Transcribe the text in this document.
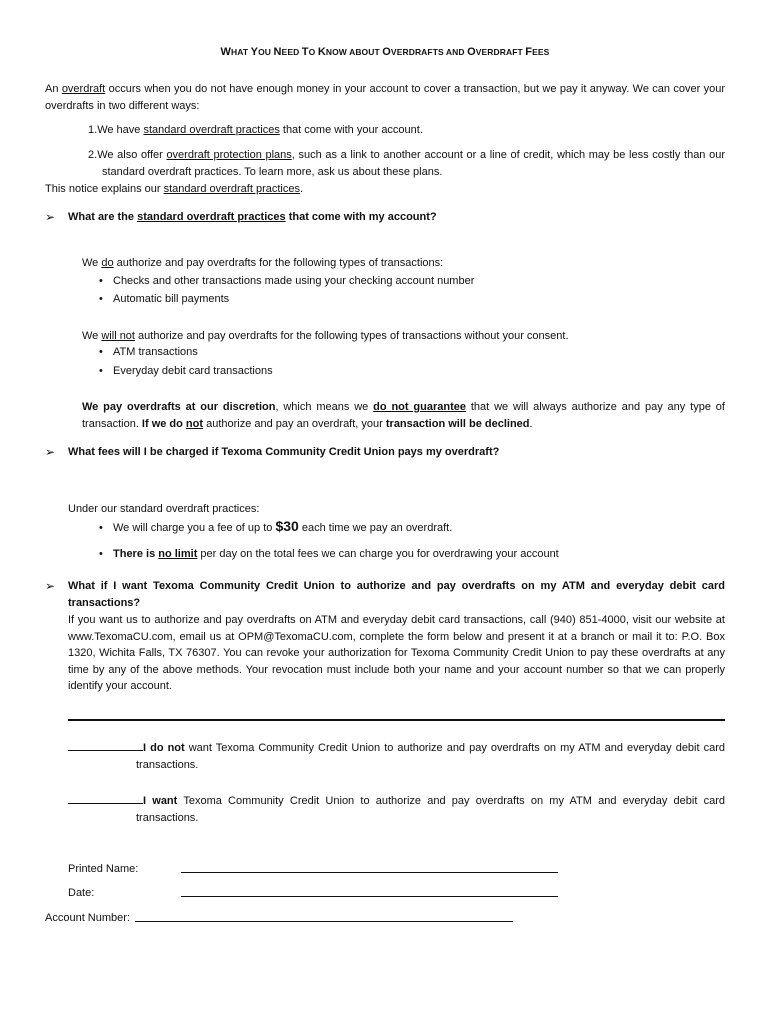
WHAT YOU NEED TO KNOW ABOUT OVERDRAFTS AND OVERDRAFT FEES
An overdraft occurs when you do not have enough money in your account to cover a transaction, but we pay it anyway. We can cover your overdrafts in two different ways:
1.We have standard overdraft practices that come with your account.
2.We also offer overdraft protection plans, such as a link to another account or a line of credit, which may be less costly than our standard overdraft practices. To learn more, ask us about these plans.
This notice explains our standard overdraft practices.
➢ What are the standard overdraft practices that come with my account?
We do authorize and pay overdrafts for the following types of transactions:
• Checks and other transactions made using your checking account number
• Automatic bill payments
We will not authorize and pay overdrafts for the following types of transactions without your consent.
• ATM transactions
• Everyday debit card transactions
We pay overdrafts at our discretion, which means we do not guarantee that we will always authorize and pay any type of transaction. If we do not authorize and pay an overdraft, your transaction will be declined.
➢ What fees will I be charged if Texoma Community Credit Union pays my overdraft?
Under our standard overdraft practices:
• We will charge you a fee of up to $30 each time we pay an overdraft.
• There is no limit per day on the total fees we can charge you for overdrawing your account
➢ What if I want Texoma Community Credit Union to authorize and pay overdrafts on my ATM and everyday debit card transactions?
If you want us to authorize and pay overdrafts on ATM and everyday debit card transactions, call (940) 851-4000, visit our website at www.TexomaCU.com, email us at OPM@TexomaCU.com, complete the form below and present it at a branch or mail it to: P.O. Box 1320, Wichita Falls, TX 76307. You can revoke your authorization for Texoma Community Credit Union to pay these overdrafts at any time by any of the above methods. Your revocation must include both your name and your account number so that we can properly identify your account.
I do not want Texoma Community Credit Union to authorize and pay overdrafts on my ATM and everyday debit card transactions.
I want Texoma Community Credit Union to authorize and pay overdrafts on my ATM and everyday debit card transactions.
Printed Name:
Date:
Account Number:
